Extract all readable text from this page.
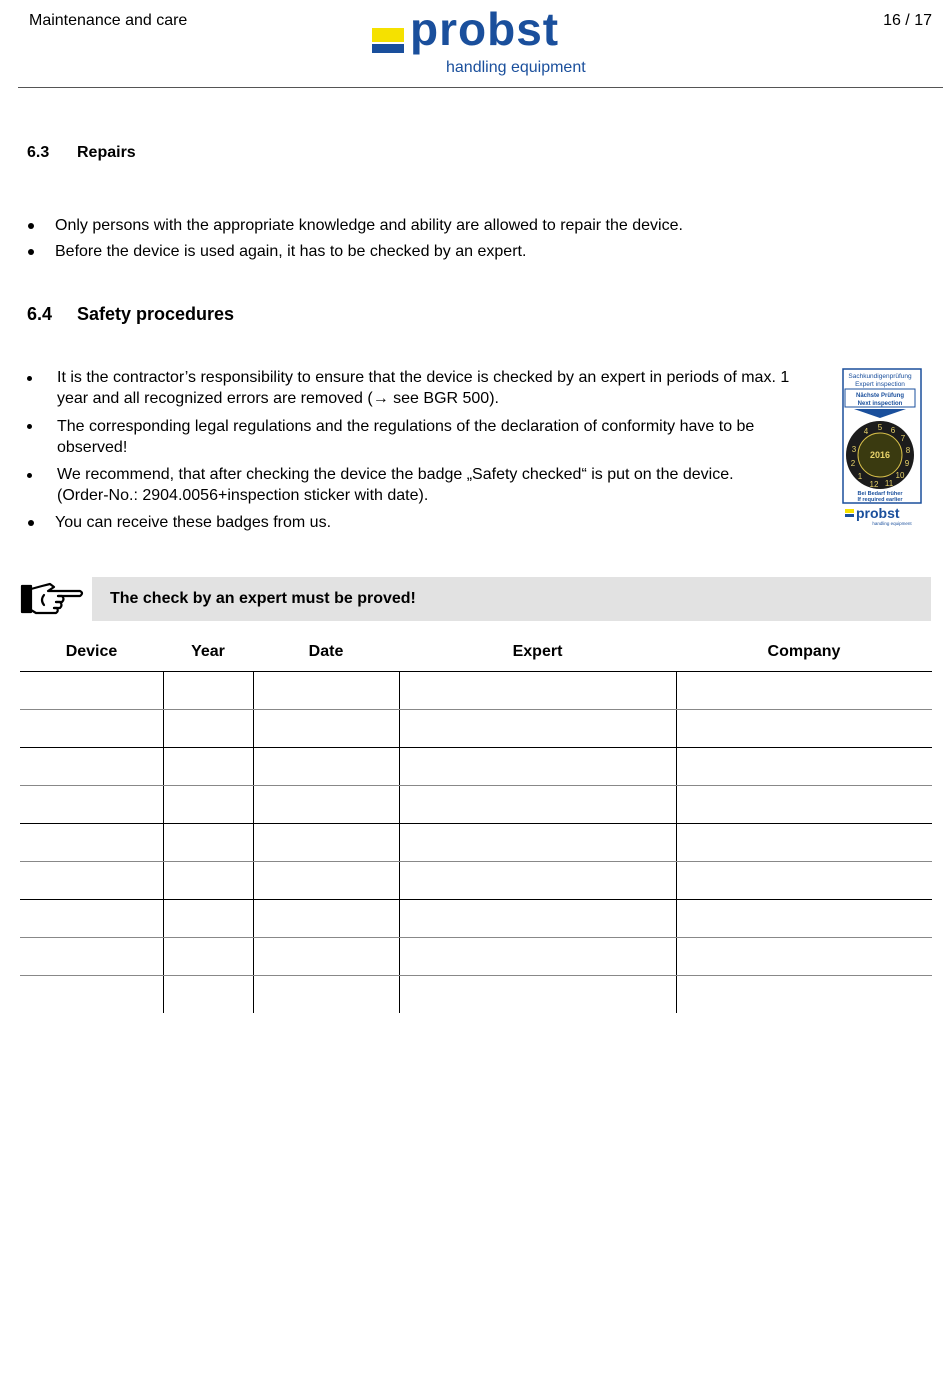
Maintenance and care	16 / 17
probst
handling equipment
6.3 Repairs
Only persons with the appropriate knowledge and ability are allowed to repair the device.
Before the device is used again, it has to be checked by an expert.
6.4 Safety procedures
It is the contractor’s responsibility to ensure that the device is checked by an expert in periods of max. 1
year and all recognized errors are removed (→ see BGR 500).
The corresponding legal regulations and the regulations of the declaration of conformity have to be
observed!
We recommend, that after checking the device the badge „Safety checked“ is put on the device.
(Order-No.: 2904.0056+inspection sticker with date).
You can receive these badges from us.
Sachkundigenprüfung
Expert inspection
Nächste Prüfung
Next inspection
5 6
7
8
9
10
11
12
1
2
3
4
2016
Bei Bedarf früher
If required earlier
probst
handling equipment
The check by an expert must be proved!
Device	Year	Date	Expert	Company
